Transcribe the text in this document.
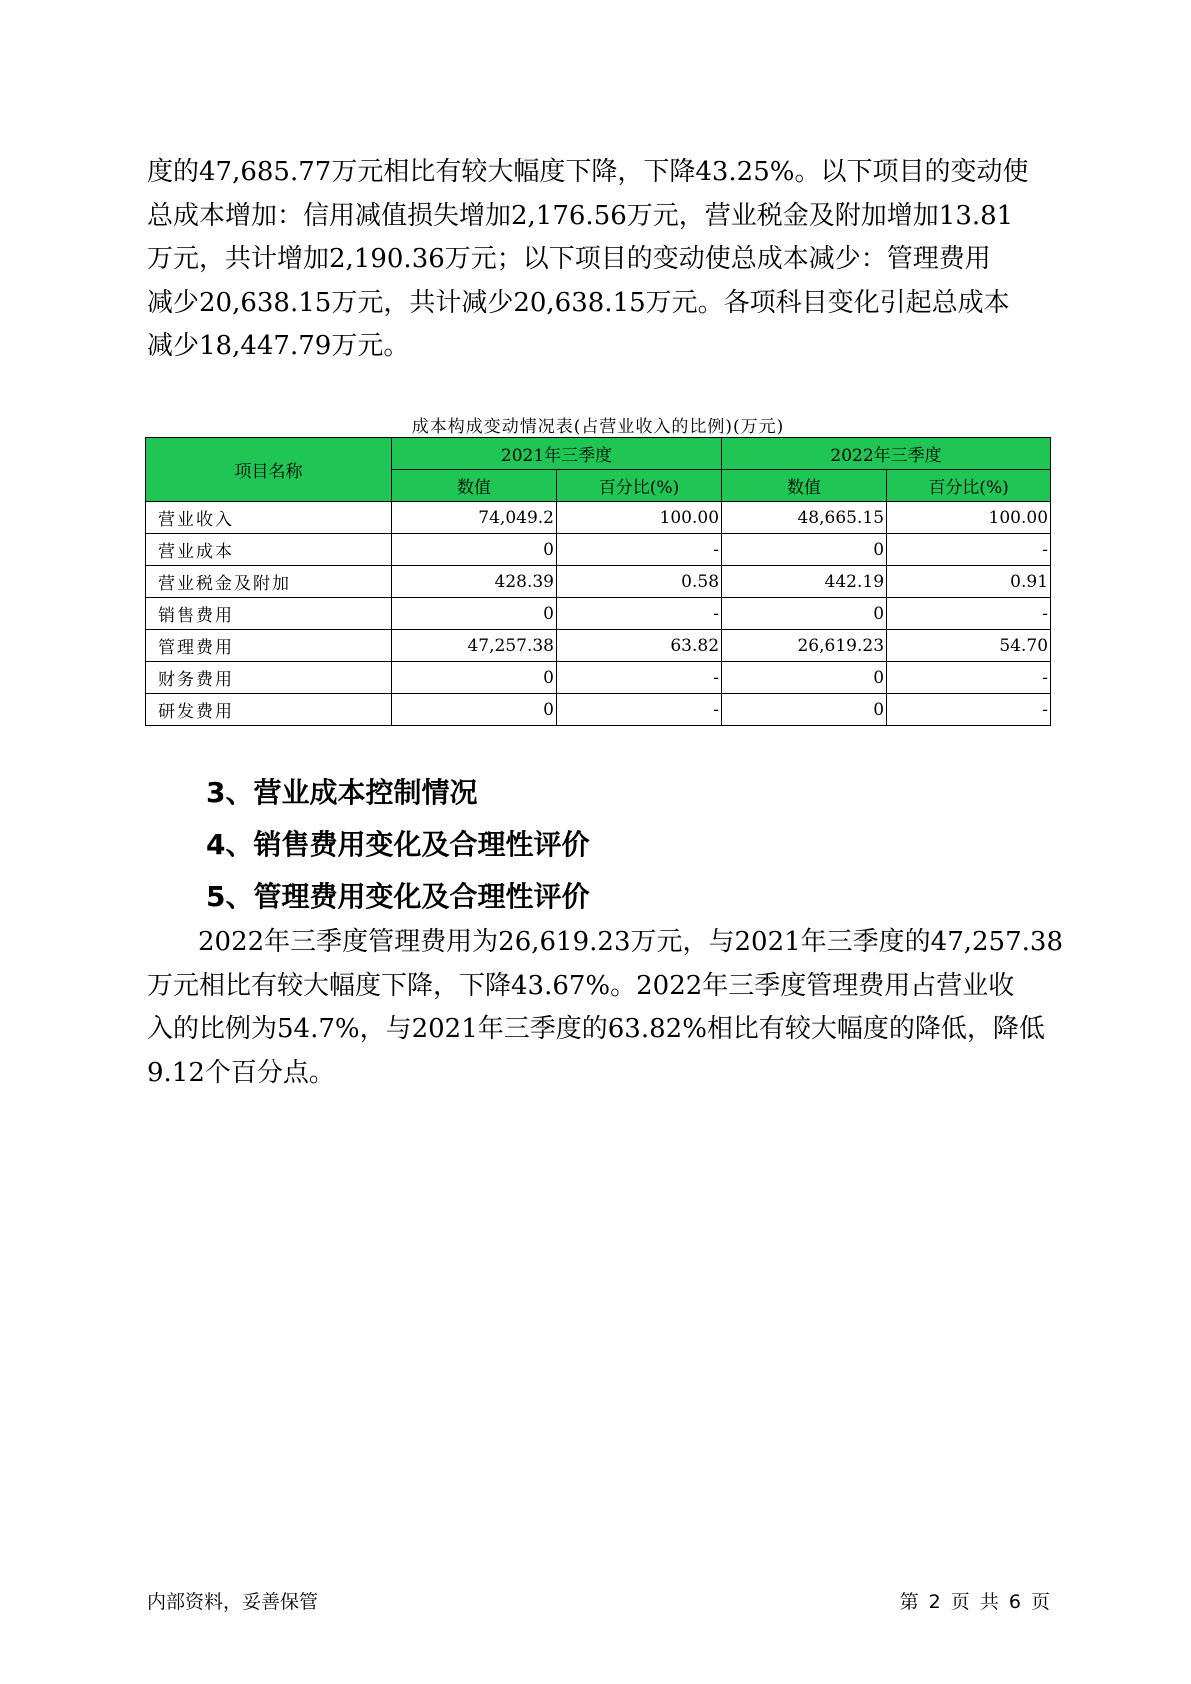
度的47,685.77万元相比有较大幅度下降，下降43.25%。以下项目的变动使
总成本增加：信用减值损失增加2,176.56万元，营业税金及附加增加13.81
万元，共计增加2,190.36万元；以下项目的变动使总成本减少：管理费用
减少20,638.15万元，共计减少20,638.15万元。各项科目变化引起总成本
减少18,447.79万元。
成本构成变动情况表(占营业收入的比例)(万元)
项目名称	2021年三季度		2022年三季度	
	数值	百分比(%)	数值	百分比(%)
营业收入	74,049.2	100.00	48,665.15	100.00
营业成本	0	-	0	-
营业税金及附加	428.39	0.58	442.19	0.91
销售费用	0	-	0	-
管理费用	47,257.38	63.82	26,619.23	54.70
财务费用	0	-	0	-
研发费用	0	-	0	-
3、营业成本控制情况
4、销售费用变化及合理性评价
5、管理费用变化及合理性评价
2022年三季度管理费用为26,619.23万元，与2021年三季度的47,257.38
万元相比有较大幅度下降，下降43.67%。2022年三季度管理费用占营业收
入的比例为54.7%，与2021年三季度的63.82%相比有较大幅度的降低，降低
9.12个百分点。
内部资料，妥善保管	第 2 页 共 6 页
